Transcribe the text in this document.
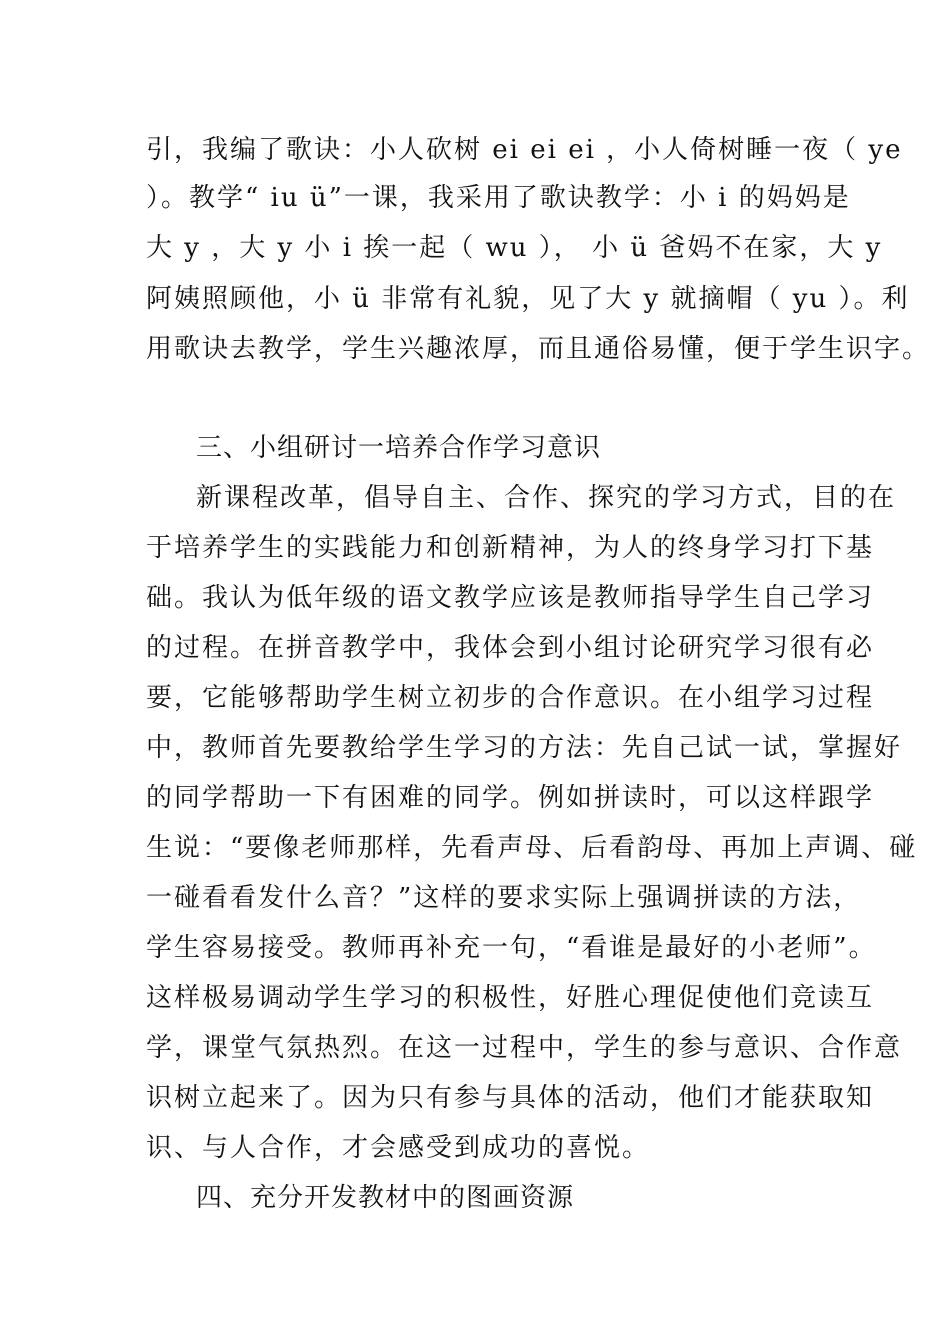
引，我编了歌诀：小人砍树 ei ei ei ，小人倚树睡一夜（ ye
）。教学“ iu ü”一课，我采用了歌诀教学：小 i 的妈妈是
大 y ，大 y 小 i 挨一起（ wu ）， 小 ü 爸妈不在家，大 y
阿姨照顾他，小 ü 非常有礼貌，见了大 y 就摘帽（ yu ）。利
用歌诀去教学，学生兴趣浓厚，而且通俗易懂，便于学生识字。
三、小组研讨一培养合作学习意识
新课程改革，倡导自主、合作、探究的学习方式，目的在
于培养学生的实践能力和创新精神，为人的终身学习打下基
础。我认为低年级的语文教学应该是教师指导学生自己学习
的过程。在拼音教学中，我体会到小组讨论研究学习很有必
要，它能够帮助学生树立初步的合作意识。在小组学习过程
中，教师首先要教给学生学习的方法：先自己试一试，掌握好
的同学帮助一下有困难的同学。例如拼读时，可以这样跟学
生说：“要像老师那样，先看声母、后看韵母、再加上声调、碰
一碰看看发什么音？”这样的要求实际上强调拼读的方法，
学生容易接受。教师再补充一句，“看谁是最好的小老师”。
这样极易调动学生学习的积极性，好胜心理促使他们竞读互
学，课堂气氛热烈。在这一过程中，学生的参与意识、合作意
识树立起来了。因为只有参与具体的活动，他们才能获取知
识、与人合作，才会感受到成功的喜悦。
四、充分开发教材中的图画资源
